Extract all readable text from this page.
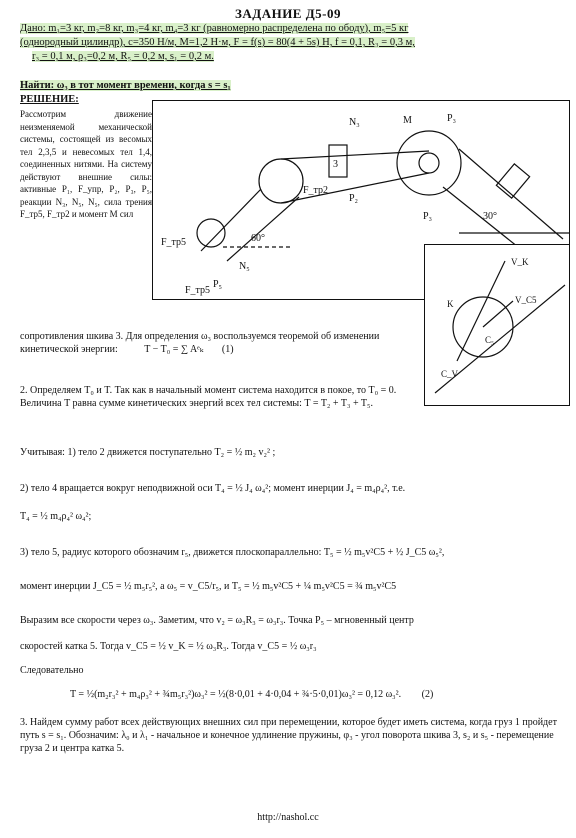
ЗАДАНИЕ Д5-09
Дано: m₁=3 кг, m₂=8 кг, m₃=4 кг, m₄=3 кг (равномерно распределена по ободу), m₅=5 кг
(однородный цилиндр), c=350 Н/м, M=1,2 Н·м, F = f(s) = 80(4 + 5s) Н, f = 0,1, R₃ = 0,3 м,
r₃ = 0,1 м, ρ₃=0,2 м, R₅ = 0,2 м, s₁ = 0,2 м.
Найти: ω₃ в тот момент времени, когда s = s₁
РЕШЕНИЕ:
Рассмотрим движение неизменяемой механической системы, состоящей из весомых тел 2,3,5 и невесомых тел 1,4, соединенных нитями. На систему действуют внешние силы: активные P₁, F_упр, P₂, P₃, P₅, реакции N₃, N₅, N₅, сила трения F_тр5, F_тр2 и момент M сил
N₃	M	P₃
P₃
F_тр2
P₂
F_тр5
N₅
P₅
F_тр5
60°
30°
3
V_K
V_C5
K
C₅
C_V
сопротивления шкива 3. Для определения ω₃ воспользуемся теоремой об изменении кинетической энергии:	T − T₀ = ∑ Aᵉₖ (1)
2. Определяем T₀ и T. Так как в начальный момент система находится в покое, то T₀ = 0. Величина T равна сумме кинетических энергий всех тел системы: T = T₂ + T₃ + T₅.
Учитывая: 1) тело 2 движется поступательно T₂ = ½ m₂ v₂² ;
2) тело 4 вращается вокруг неподвижной оси T₄ = ½ J₄ ω₄²; момент инерции J₄ = m₄ρ₄², т.е.
T₄ = ½ m₄ρ₄² ω₄²;
3) тело 5, радиус которого обозначим r₅, движется плоскопараллельно: T₅ = ½ m₅v²C5 + ½ J_C5 ω₅²,
момент инерции J_C5 = ½ m₅r₅², а ω₅ = v_C5/r₅, и T₅ = ½ m₅v²C5 + ¼ m₅v²C5 = ¾ m₅v²C5
Выразим все скорости через ω₃. Заметим, что v₂ = ω₃R₃ = ω₃r₃. Точка P₅ – мгновенный центр
скоростей катка 5. Тогда v_C5 = ½ v_K = ½ ω₃R₃. Тогда v_C5 = ½ ω₃r₃
Следовательно
T = ½(m₂r₃² + m₄ρ₃² + ¾m₅r₃²)ω₃² = ½(8·0,01 + 4·0,04 + ¾·5·0,01)ω₃² = 0,12 ω₃². (2)
3. Найдем сумму работ всех действующих внешних сил при перемещении, которое будет иметь система, когда груз 1 пройдет путь s = s₁. Обозначим: λ₀ и λ₁ - начальное и конечное удлинение пружины, φ₃ - угол поворота шкива 3, s₂ и s₅ - перемещение груза 2 и центра катка 5.
http://nashol.cc
